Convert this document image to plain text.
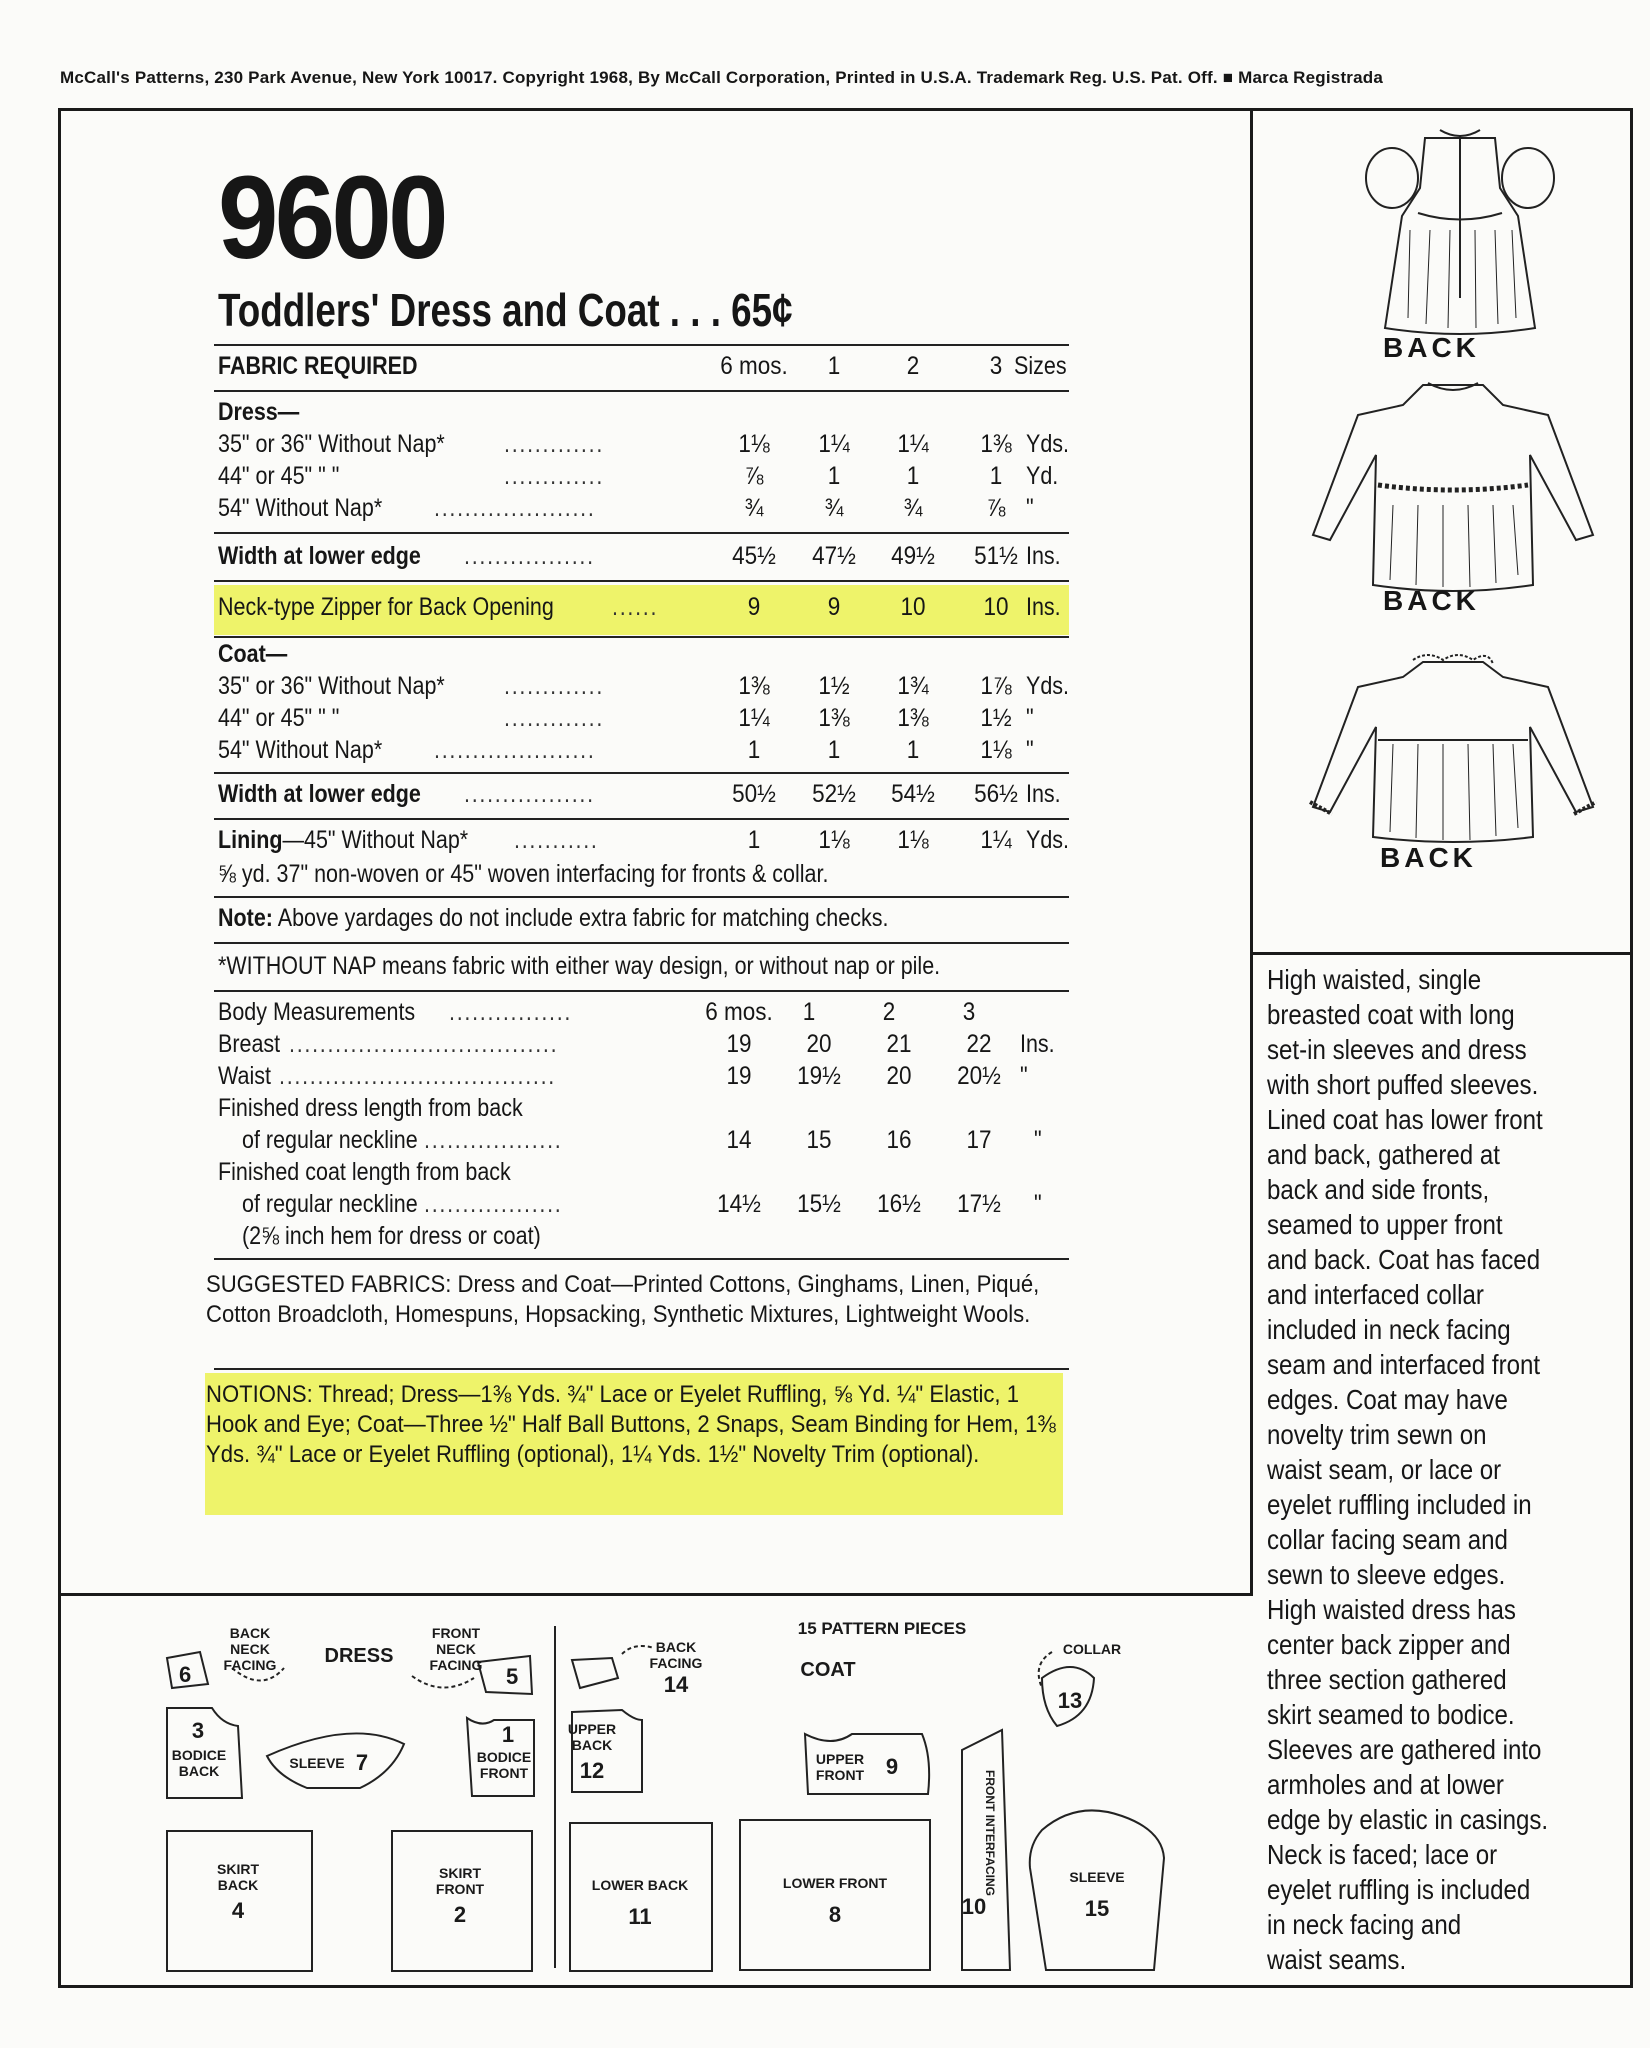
McCall's Patterns, 230 Park Avenue, New York 10017. Copyright 1968, By McCall Corporation, Printed in U.S.A. Trademark Reg. U.S. Pat. Off. ■ Marca Registrada
9600
Toddlers' Dress and Coat . . . 65¢
FABRIC REQUIRED	6 mos.	1	2	3 Sizes
Dress—
35" or 36" Without Nap* .............	1⅛	1¼	1¼	1⅜ Yds.
44" or 45" " "	.............	⅞	1	1	1 Yd.
54" Without Nap* .....................	¾	¾	¾	⅞ "
Width at lower edge .................	45½	47½	49½	51½ Ins.
Neck-type Zipper for Back Opening ......	9	9	10	10 Ins.
Coat—
35" or 36" Without Nap* .............	1⅜	1½	1¾	1⅞ Yds.
44" or 45" " "	.............	1¼	1⅜	1⅜	1½ "
54" Without Nap* .....................	1	1	1	1⅛ "
Width at lower edge .................	50½	52½	54½	56½ Ins.
Lining—45" Without Nap* ...........	1	1⅛	1⅛	1¼ Yds.
⅝ yd. 37" non-woven or 45" woven interfacing for fronts & collar.
Note: Above yardages do not include extra fabric for matching checks.
*WITHOUT NAP means fabric with either way design, or without nap or pile.
Body Measurements ................	6 mos.	1	2	3
Breast ...................................	19	20	21	22	Ins.
Waist ....................................	19	19½	20	20½ "
Finished dress length from back
of regular neckline ..................	14	15	16	17	"
Finished coat length from back
of regular neckline ..................	14½	15½	16½	17½	"
(2⅝ inch hem for dress or coat)
SUGGESTED FABRICS: Dress and Coat—Printed Cottons, Ginghams, Linen, Piqué, Cotton Broadcloth, Homespuns, Hopsacking, Synthetic Mixtures, Lightweight Wools.
NOTIONS: Thread; Dress—1⅜ Yds. ¾" Lace or Eyelet Ruffling, ⅝ Yd. ¼" Elastic, 1 Hook and Eye; Coat—Three ½" Half Ball Buttons, 2 Snaps, Seam Binding for Hem, 1⅜ Yds. ¾" Lace or Eyelet Ruffling (optional), 1¼ Yds. 1½" Novelty Trim (optional).
BACK
BACK
BACK
High waisted, single
breasted coat with long
set-in sleeves and dress
with short puffed sleeves.
Lined coat has lower front
and back, gathered at
back and side fronts,
seamed to upper front
and back. Coat has faced
and interfaced collar
included in neck facing
seam and interfaced front
edges. Coat may have
novelty trim sewn on
waist seam, or lace or
eyelet ruffling included in
collar facing seam and
sewn to sleeve edges.
High waisted dress has
center back zipper and
three section gathered
skirt seamed to bodice.
Sleeves are gathered into
armholes and at lower
edge by elastic in casings.
Neck is faced; lace or
eyelet ruffling is included
in neck facing and
waist seams.
BACK
NECK
FACING
6
DRESS
FRONT
NECK
FACING 5
3
BODICE
BACK	SLEEVE 7
1
BODICE
FRONT
SKIRT
BACK
4
SKIRT
FRONT
2
BACK
FACING
14
15 PATTERN PIECES
COAT
UPPER
BACK
12
LOWER BACK
11
UPPER
FRONT 9
LOWER FRONT
8
FRONT INTERFACING
10
COLLAR
13
SLEEVE
15
